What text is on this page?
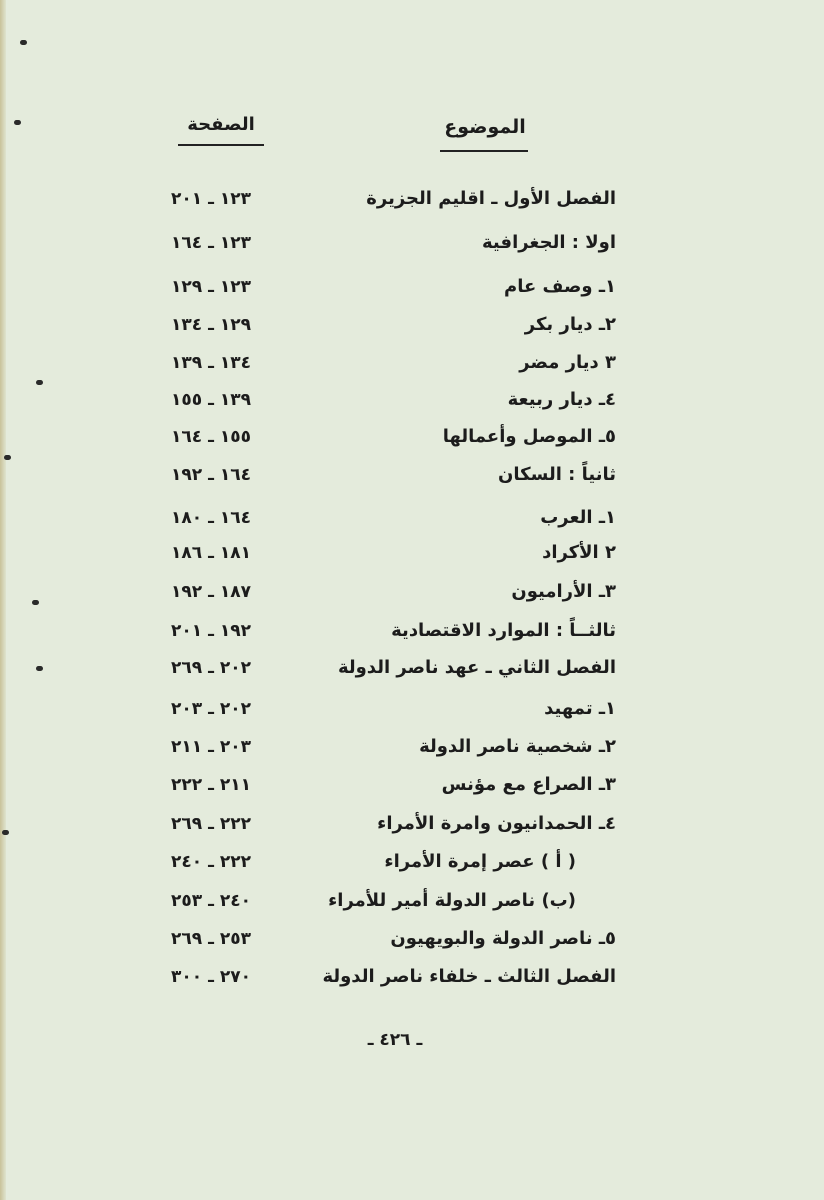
الموضوع
الصفحة
الفصل الأول ـ اقليم الجزيرة
١٢٣ ـ ٢٠١
اولا : الجغرافية
١٢٣ ـ ١٦٤
١ـ وصف عام
١٢٣ ـ ١٢٩
٢ـ ديار بكر
١٢٩ ـ ١٣٤
٣ ديار مضر
١٣٤ ـ ١٣٩
٤ـ ديار ربيعة
١٣٩ ـ ١٥٥
٥ـ الموصل وأعمالها
١٥٥ ـ ١٦٤
ثانياً : السكان
١٦٤ ـ ١٩٢
١ـ العرب
١٦٤ ـ ١٨٠
٢ الأكراد
١٨١ ـ ١٨٦
٣ـ الأراميون
١٨٧ ـ ١٩٢
ثالثــاً : الموارد الاقتصادية
١٩٢ ـ ٢٠١
الفصل الثاني ـ عهد ناصر الدولة
٢٠٢ ـ ٢٦٩
١ـ تمهيد
٢٠٢ ـ ٢٠٣
٢ـ شخصية ناصر الدولة
٢٠٣ ـ ٢١١
٣ـ الصراع مع مؤنس
٢١١ ـ ٢٢٢
٤ـ الحمدانيون وامرة الأمراء
٢٢٢ ـ ٢٦٩
( أ ) عصر إمرة الأمراء
٢٢٢ ـ ٢٤٠
(ب) ناصر الدولة أمير للأمراء
٢٤٠ ـ ٢٥٣
٥ـ ناصر الدولة والبويهيون
٢٥٣ ـ ٢٦٩
الفصل الثالث ـ خلفاء ناصر الدولة
٢٧٠ ـ ٣٠٠
ـ ٤٢٦ ـ
